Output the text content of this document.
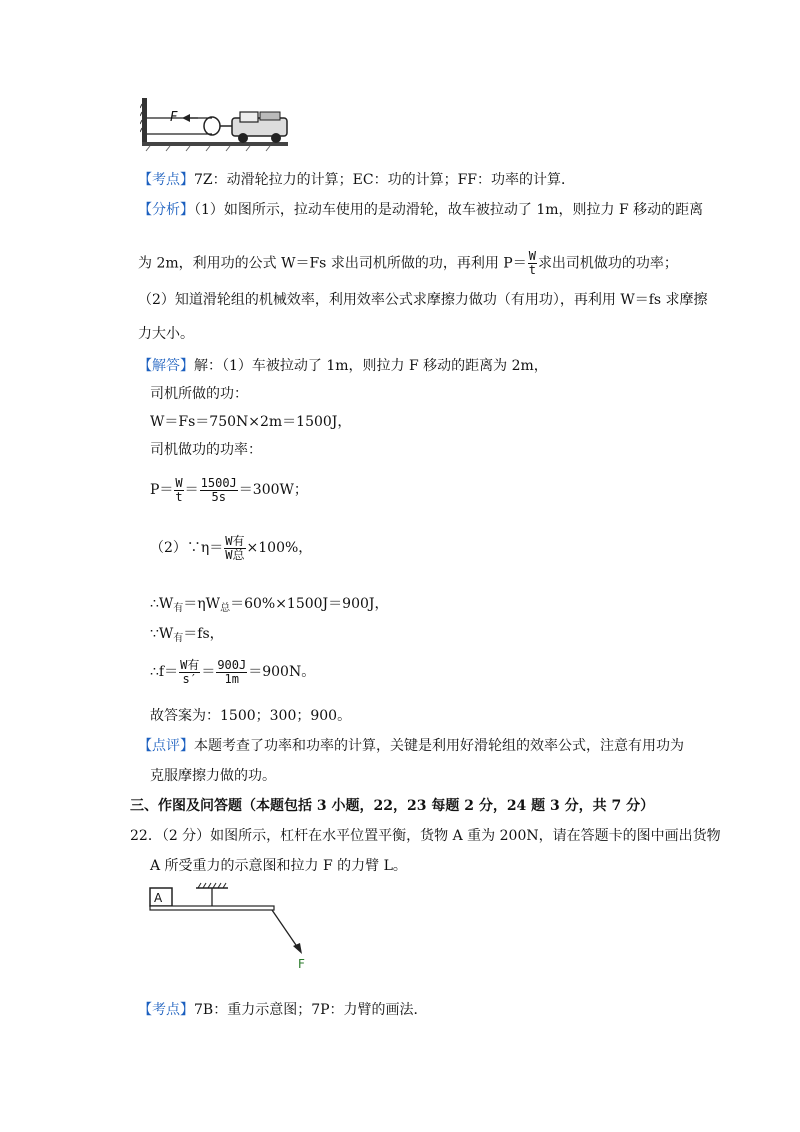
F
【考点】7Z：动滑轮拉力的计算；EC：功的计算；FF：功率的计算．
【分析】（1）如图所示，拉动车使用的是动滑轮，故车被拉动了 1m，则拉力 F 移动的距离
为 2m，利用功的公式 W＝Fs 求出司机所做的功，再利用 $P= \frac{W}{t}$ 求出司机做功的功率；
（2）知道滑轮组的机械效率，利用效率公式求摩擦力做功（有用功），再利用 W＝fs 求摩擦
力大小。
【解答】解：（1）车被拉动了 1m，则拉力 F 移动的距离为 2m，
司机所做的功：
W＝Fs＝750N×2m＝1500J，
司机做功的功率：
$P= \frac{W}{t} = \frac{1500J}{5s} =300W$；
（2）∵η＝ $\frac{\text{W有}}{\text{W总}} \times 100\%$，
$\therefore W_有=\eta W_总=60\%\times 1500J=900J$，
$\because W_有=fs$，
∴f＝ $\frac{\text{W有}}{s'} = \frac{900J}{1m} =900N$。
故答案为：1500；300；900。
【点评】本题考查了功率和功率的计算，关键是利用好滑轮组的效率公式，注意有用功为
克服摩擦力做的功。
三、作图及问答题（本题包括 3 小题，22，23 每题 2 分，24 题 3 分，共 7 分）
22．（2 分）如图所示，杠杆在水平位置平衡，货物 A 重为 200N，请在答题卡的图中画出货物
A 所受重力的示意图和拉力 F 的力臂 L。
A
F
【考点】7B：重力示意图；7P：力臂的画法．
